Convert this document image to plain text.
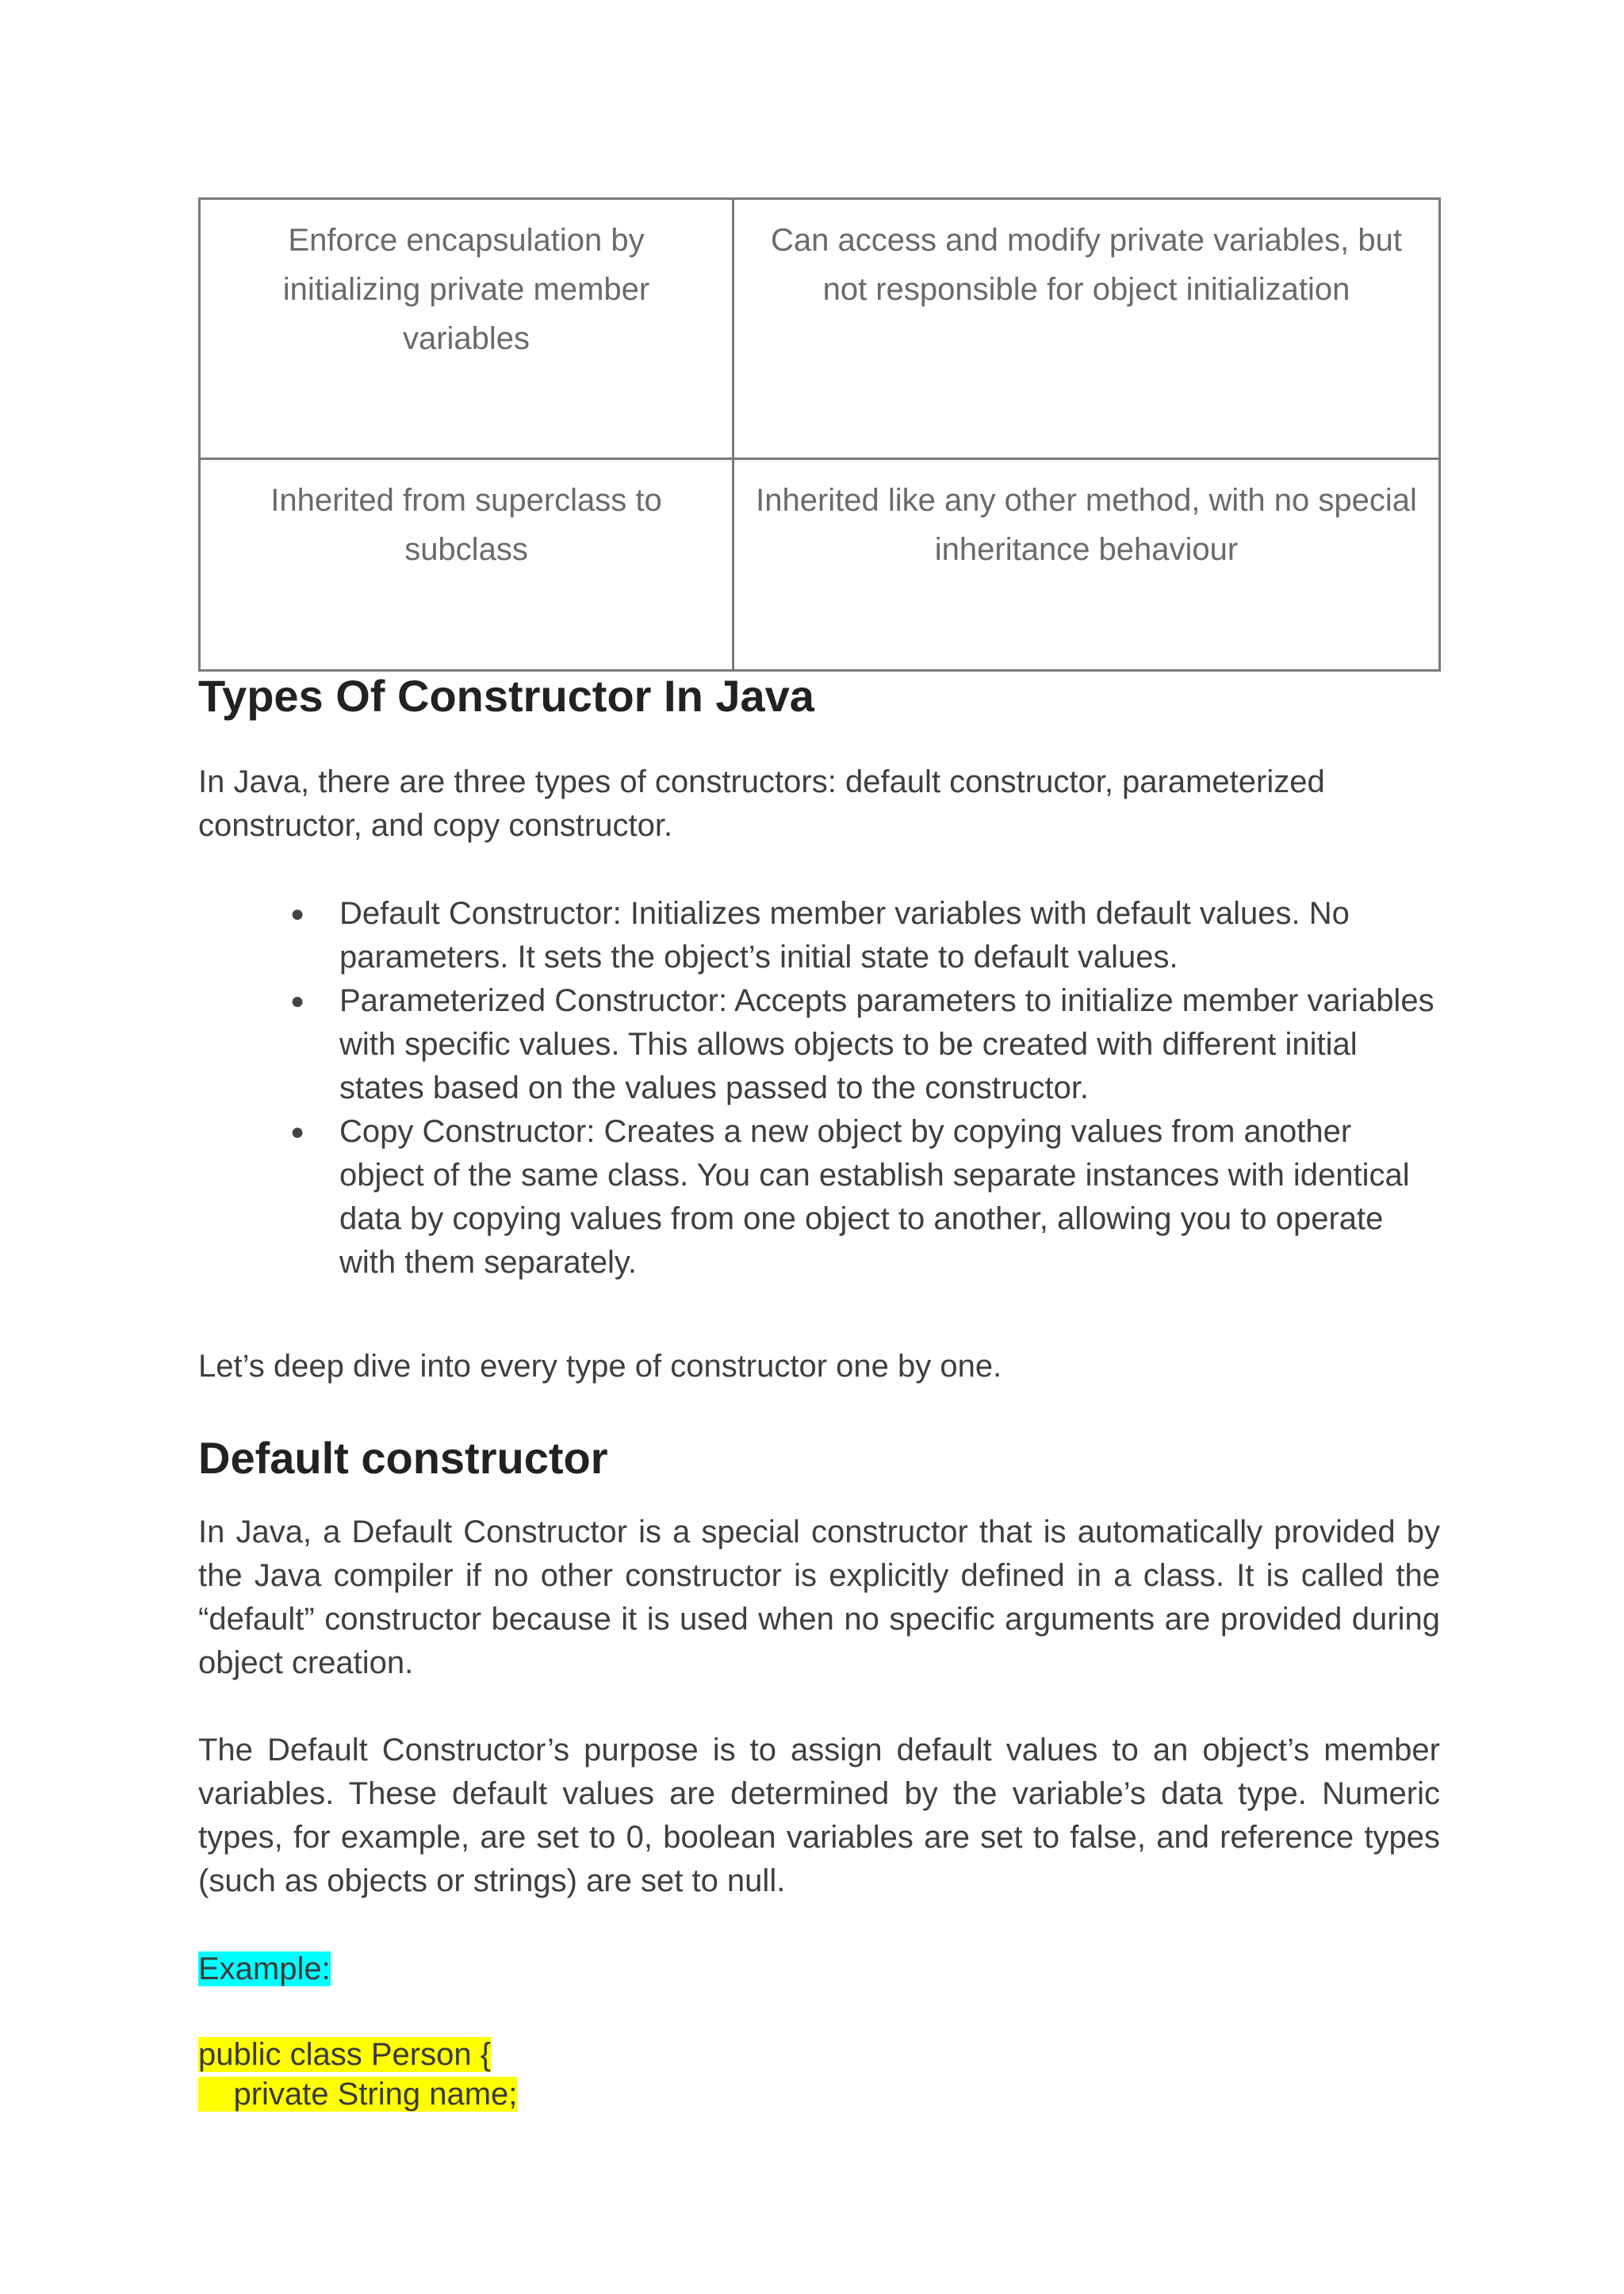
Enforce encapsulation by initializing private member variables	Can access and modify private variables, but not responsible for object initialization
Inherited from superclass to subclass	Inherited like any other method, with no special inheritance behaviour
Types Of Constructor In Java

In Java, there are three types of constructors: default constructor, parameterized constructor, and copy constructor.

● Default Constructor: Initializes member variables with default values. No parameters. It sets the object’s initial state to default values.
● Parameterized Constructor: Accepts parameters to initialize member variables with specific values. This allows objects to be created with different initial states based on the values passed to the constructor.
● Copy Constructor: Creates a new object by copying values from another object of the same class. You can establish separate instances with identical data by copying values from one object to another, allowing you to operate with them separately.

Let’s deep dive into every type of constructor one by one.

Default constructor

In Java, a Default Constructor is a special constructor that is automatically provided by the Java compiler if no other constructor is explicitly defined in a class. It is called the “default” constructor because it is used when no specific arguments are provided during object creation.

The Default Constructor’s purpose is to assign default values to an object’s member variables. These default values are determined by the variable’s data type. Numeric types, for example, are set to 0, boolean variables are set to false, and reference types (such as objects or strings) are set to null.

Example:

public class Person {

private String name;
